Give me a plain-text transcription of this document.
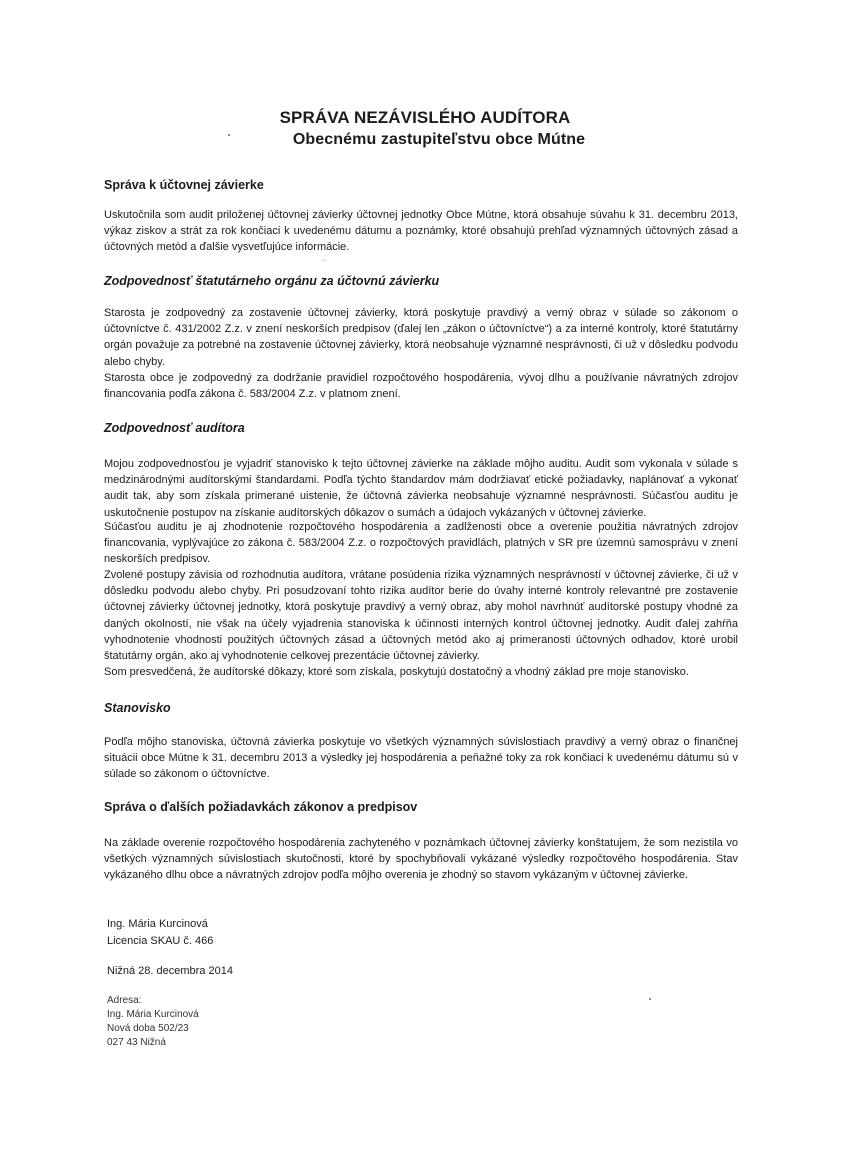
SPRÁVA NEZÁVISLÉHO AUDÍTORA
Obecnému zastupiteľstvu obce Mútne
Správa k účtovnej závierke

Uskutočnila som audit priloženej účtovnej závierky účtovnej jednotky Obce Mútne, ktorá obsahuje súvahu k 31. decembru 2013, výkaz ziskov a strát za rok končiaci k uvedenému dátumu a poznámky, ktoré obsahujú prehľad významných účtovných zásad a účtovných metód a ďalšie vysvetľujúce informácie.

Zodpovednosť štatutárneho orgánu za účtovnú závierku

Starosta je zodpovedný za zostavenie účtovnej závierky, ktorá poskytuje pravdivý a verný obraz v súlade so zákonom o účtovníctve č. 431/2002 Z.z. v znení neskorších predpisov (ďalej len „zákon o účtovníctve“) a za interné kontroly, ktoré štatutárny orgán považuje za potrebné na zostavenie účtovnej závierky, ktorá neobsahuje významné nesprávnosti, či už v dôsledku podvodu alebo chyby.

Starosta obce je zodpovedný za dodržanie pravidiel rozpočtového hospodárenia, vývoj dlhu a používanie návratných zdrojov financovania podľa zákona č. 583/2004 Z.z. v platnom znení.

Zodpovednosť audítora

Mojou zodpovednosťou je vyjadriť stanovisko k tejto účtovnej závierke na základe môjho auditu. Audit som vykonala v súlade s medzinárodnými audítorskými štandardami. Podľa týchto štandardov mám dodržiavať etické požiadavky, naplánovať a vykonať audit tak, aby som získala primerané uistenie, že účtovná závierka neobsahuje významné nesprávnosti. Súčasťou auditu je uskutočnenie postupov na získanie audítorských dôkazov o sumách a údajoch vykázaných v účtovnej závierke.

Súčasťou auditu je aj zhodnotenie rozpočtového hospodárenia a zadlženosti obce a overenie použitia návratných zdrojov financovania, vyplývajúce zo zákona č. 583/2004 Z.z. o rozpočtových pravidlách, platných v SR pre územnú samosprávu v znení neskorších predpisov.

Zvolené postupy závisia od rozhodnutia audítora, vrátane posúdenia rizika významných nesprávností v účtovnej závierke, či už v dôsledku podvodu alebo chyby. Pri posudzovaní tohto rizika audítor berie do úvahy interné kontroly relevantné pre zostavenie účtovnej závierky účtovnej jednotky, ktorá poskytuje pravdivý a verný obraz, aby mohol navrhnúť audítorské postupy vhodné za daných okolností, nie však na účely vyjadrenia stanoviska k účinnosti interných kontrol účtovnej jednotky. Audit ďalej zahŕňa vyhodnotenie vhodnosti použitých účtovných zásad a účtovných metód ako aj primeranosti účtovných odhadov, ktoré urobil štatutárny orgán, ako aj vyhodnotenie celkovej prezentácie účtovnej závierky.

Som presvedčená, že audítorské dôkazy, ktoré som získala, poskytujú dostatočný a vhodný základ pre moje stanovisko.

Stanovisko

Podľa môjho stanoviska, účtovná závierka poskytuje vo všetkých významných súvislostiach pravdivý a verný obraz o finančnej situácii obce Mútne k 31. decembru 2013 a výsledky jej hospodárenia a peňažné toky za rok končiaci k uvedenému dátumu sú v súlade so zákonom o účtovníctve.

Správa o ďalších požiadavkách zákonov a predpisov

Na základe overenie rozpočtového hospodárenia zachyteného v poznámkach účtovnej závierky konštatujem, že som nezistila vo všetkých významných súvislostiach skutočnosti, ktoré by spochybňovali vykázané výsledky rozpočtového hospodárenia. Stav vykázaného dlhu obce a návratných zdrojov podľa môjho overenia je zhodný so stavom vykázaným v účtovnej závierke.

Ing. Mária Kurcinová
Licencia SKAU č. 466
Nižná 28. decembra 2014
Adresa:
Ing. Mária Kurcinová
Nová doba 502/23
027 43 Nižná
